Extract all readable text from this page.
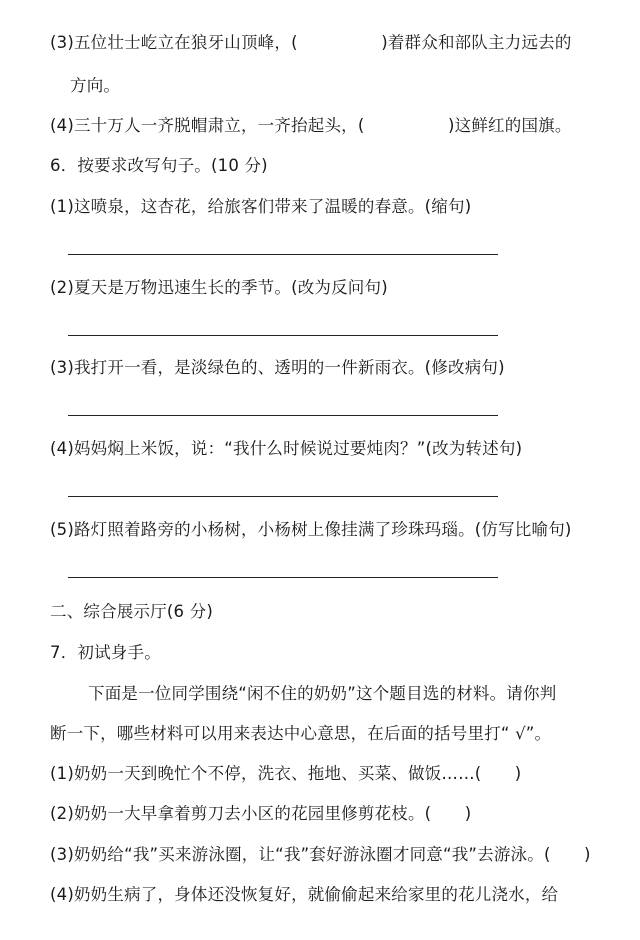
(3)五位壮士屹立在狼牙山顶峰，(　　　　　)着群众和部队主力远去的
方向。
(4)三十万人一齐脱帽肃立，一齐抬起头，(　　　　　)这鲜红的国旗。
6．按要求改写句子。(10 分)
(1)这喷泉，这杏花，给旅客们带来了温暖的春意。(缩句)
(2)夏天是万物迅速生长的季节。(改为反问句)
(3)我打开一看，是淡绿色的、透明的一件新雨衣。(修改病句)
(4)妈妈焖上米饭，说：“我什么时候说过要炖肉？”(改为转述句)
(5)路灯照着路旁的小杨树，小杨树上像挂满了珍珠玛瑙。(仿写比喻句)
二、综合展示厅(6 分)
7．初试身手。
下面是一位同学围绕“闲不住的奶奶”这个题目选的材料。请你判
断一下，哪些材料可以用来表达中心意思，在后面的括号里打“ √”。
(1)奶奶一天到晚忙个不停，洗衣、拖地、买菜、做饭……(　　)
(2)奶奶一大早拿着剪刀去小区的花园里修剪花枝。(　　)
(3)奶奶给“我”买来游泳圈，让“我”套好游泳圈才同意“我”去游泳。(　　)
(4)奶奶生病了，身体还没恢复好，就偷偷起来给家里的花儿浇水，给
